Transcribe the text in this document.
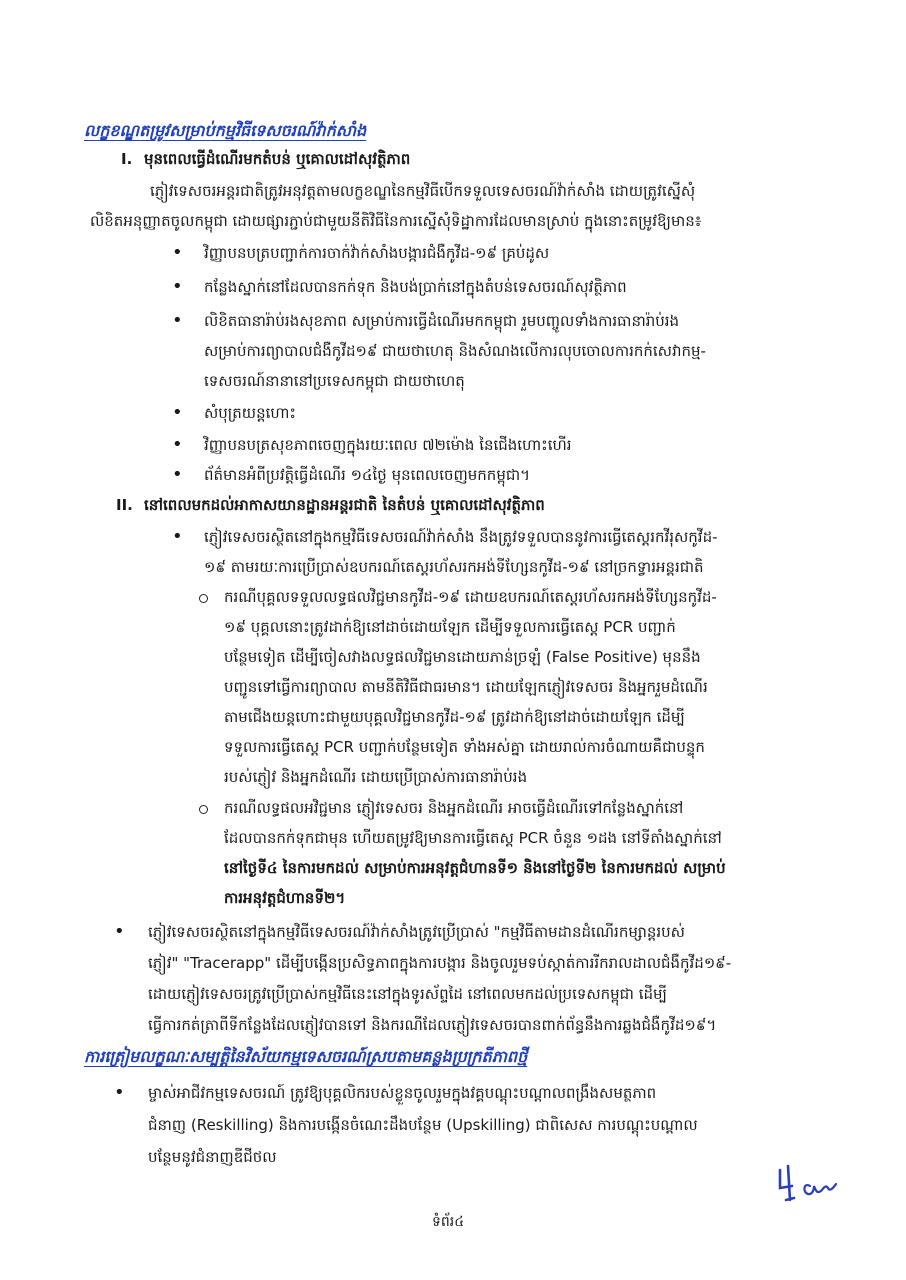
លក្ខខណ្ឌតម្រូវសម្រាប់កម្មវិធីទេសចរណ៍វ៉ាក់សាំង
I. មុនពេលធ្វើដំណើរមកតំបន់ ឬគោលដៅសុវត្ថិភាព
ភ្ញៀវទេសចរអន្តរជាតិត្រូវអនុវត្តតាមលក្ខខណ្ឌនៃកម្មវិធីបើកទទួលទេសចរណ៍វ៉ាក់សាំង ដោយត្រូវស្នើសុំ
លិខិតអនុញ្ញាតចូលកម្ពុជា ដោយផ្សារភ្ជាប់ជាមួយនីតិវិធីនៃការស្នើសុំទិដ្ឋាការដែលមានស្រាប់ ក្នុងនោះតម្រូវឱ្យមាន៖
• វិញ្ញាបនបត្របញ្ជាក់ការចាក់វ៉ាក់សាំងបង្ការជំងឺកូវីដ-១៩ គ្រប់ដូស
• កន្លែងស្នាក់នៅដែលបានកក់ទុក និងបង់ប្រាក់នៅក្នុងតំបន់ទេសចរណ៍សុវត្ថិភាព
• លិខិតធានារ៉ាប់រងសុខភាព សម្រាប់ការធ្វើដំណើរមកកម្ពុជា រួមបញ្ចូលទាំងការធានារ៉ាប់រង
សម្រាប់ការព្យាបាលជំងឺកូវីដ១៩ ជាយថាហេតុ និងសំណងលើការលុបចោលការកក់សេវាកម្ម-
ទេសចរណ៍នានានៅប្រទេសកម្ពុជា ជាយថាហេតុ
• សំបុត្រយន្តហោះ
• វិញ្ញាបនបត្រសុខភាពចេញក្នុងរយៈពេល ៧២ម៉ោង នៃជើងហោះហើរ
• ព័ត៌មានអំពីប្រវត្តិធ្វើដំណើរ ១៤ថ្ងៃ មុនពេលចេញមកកម្ពុជា។
II. នៅពេលមកដល់អាកាសយានដ្ឋានអន្តរជាតិ នៃតំបន់ ឬគោលដៅសុវត្ថិភាព
• ភ្ញៀវទេសចរស្ថិតនៅក្នុងកម្មវិធីទេសចរណ៍វ៉ាក់សាំង នឹងត្រូវទទួលបាននូវការធ្វើតេស្តរកវីរុសកូវីដ-
១៩ តាមរយៈការប្រើប្រាស់ឧបករណ៍តេស្តរហ័សរកអង់ទីហ្សែនកូវីដ-១៩ នៅច្រកទ្វារអន្តរជាតិ
ករណីបុគ្គលទទួលលទ្ធផលវិជ្ជមានកូវីដ-១៩ ដោយឧបករណ៍តេស្តរហ័សរកអង់ទីហ្សែនកូវីដ-
១៩ បុគ្គលនោះត្រូវដាក់ឱ្យនៅដាច់ដោយឡែក ដើម្បីទទួលការធ្វើតេស្ត PCR បញ្ជាក់
បន្ថែមទៀត ដើម្បីចៀសវាងលទ្ធផលវិជ្ជមានដោយភាន់ច្រឡំ (False Positive) មុននឹង
បញ្ជូនទៅធ្វើការព្យាបាល តាមនីតិវិធីជាធរមាន។ ដោយឡែកភ្ញៀវទេសចរ និងអ្នករួមដំណើរ
តាមជើងយន្តហោះជាមួយបុគ្គលវិជ្ជមានកូវីដ-១៩ ត្រូវដាក់ឱ្យនៅដាច់ដោយឡែក ដើម្បី
ទទួលការធ្វើតេស្ត PCR បញ្ជាក់បន្ថែមទៀត ទាំងអស់គ្នា ដោយរាល់ការចំណាយគឺជាបន្ទុក
របស់ភ្ញៀវ និងអ្នកដំណើរ ដោយប្រើប្រាស់ការធានារ៉ាប់រង
ករណីលទ្ធផលអវិជ្ជមាន ភ្ញៀវទេសចរ និងអ្នកដំណើរ អាចធ្វើដំណើរទៅកន្លែងស្នាក់នៅ
ដែលបានកក់ទុកជាមុន ហើយតម្រូវឱ្យមានការធ្វើតេស្ត PCR ចំនួន ១ដង នៅទីតាំងស្នាក់នៅ
នៅថ្ងៃទី៤ នៃការមកដល់ សម្រាប់ការអនុវត្តជំហានទី១ និងនៅថ្ងៃទី២ នៃការមកដល់ សម្រាប់
ការអនុវត្តជំហានទី២។
• ភ្ញៀវទេសចរស្ថិតនៅក្នុងកម្មវិធីទេសចរណ៍វ៉ាក់សាំងត្រូវប្រើប្រាស់ "កម្មវិធីតាមដានដំណើរកម្សាន្តរបស់
ភ្ញៀវ" "Tracerapp" ដើម្បីបង្កើនប្រសិទ្ធភាពក្នុងការបង្ការ និងចូលរួមទប់ស្កាត់ការរីករាលដាលជំងឺកូវីដ១៩-
ដោយភ្ញៀវទេសចរត្រូវប្រើប្រាស់កម្មវិធីនេះនៅក្នុងទូរស័ព្ទដៃ នៅពេលមកដល់ប្រទេសកម្ពុជា ដើម្បី
ធ្វើការកត់ត្រាពីទីកន្លែងដែលភ្ញៀវបានទៅ និងករណីដែលភ្ញៀវទេសចរបានពាក់ព័ន្ធនឹងការឆ្លងជំងឺកូវីដ១៩។
ការត្រៀមលក្ខណៈសម្បត្តិនៃវិស័យកម្មទេសចរណ៍ស្របតាមគន្លងប្រក្រតីភាពថ្មី
• ម្ចាស់អាជីវកម្មទេសចរណ៍ ត្រូវឱ្យបុគ្គលិករបស់ខ្លួនចូលរួមក្នុងវគ្គបណ្តុះបណ្តាលពង្រឹងសមត្ថភាព
ជំនាញ (Reskilling) និងការបង្កើនចំណេះដឹងបន្ថែម (Upskilling) ជាពិសេស ការបណ្តុះបណ្តាល
បន្ថែមនូវជំនាញឌីជីថល
ទំព័រ៤
